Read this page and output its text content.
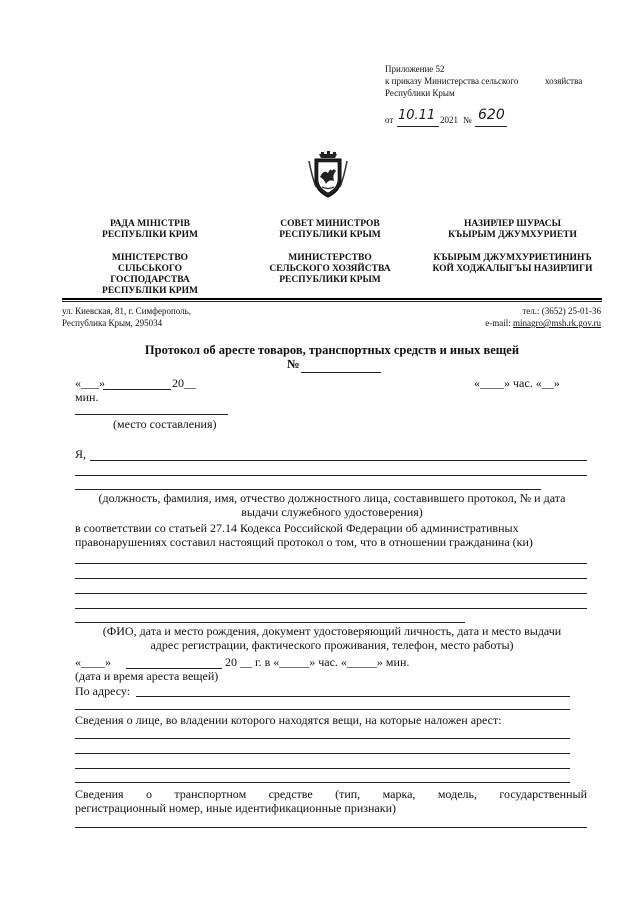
Приложение 52
к приказу Министерства сельского	хозяйства
Республики Крым
от 10.11 2021 № 620
РАДА МІНІСТРІВ
РЕСПУБЛІКИ КРИМ
СОВЕТ МИНИСТРОВ
РЕСПУБЛИКИ КРЫМ
НАЗИРЛЕР ШУРАСЫ
КЪЫРЫМ ДЖУМХУРИЕТИ
МІНІСТЕРСТВО
СІЛЬСЬКОГО
ГОСПОДАРСТВА
РЕСПУБЛІКИ КРИМ
МИНИСТЕРСТВО
СЕЛЬСКОГО ХОЗЯЙСТВА
РЕСПУБЛИКИ КРЫМ
КЪЫРЫМ ДЖУМХУРИЕТИНИНЪ
КОЙ ХОДЖАЛЫГЪЫ НАЗИРЛИГИ
ул. Киевская, 81, г. Симферополь,
Республика Крым, 295034
тел.: (3652) 25-01-36
e-mail: minagro@msh.rk.gov.ru
Протокол об аресте товаров, транспортных средств и иных вещей
№
«___»	20__	«____» час. «__»
мин.
(место составления)
Я,
(должность, фамилия, имя, отчество должностного лица, составившего протокол, № и дата
выдачи служебного удостоверения)
в соответствии со статьей 27.14 Кодекса Российской Федерации об административных
правонарушениях составил настоящий протокол о том, что в отношении гражданина (ки)
(ФИО, дата и место рождения, документ удостоверяющий личность, дата и место выдачи
адрес регистрации, фактического проживания, телефон, место работы)
«____»	20 __ г. в «_____» час. «_____» мин.
(дата и время ареста вещей)
По адресу:
Сведения о лице, во владении которого находятся вещи, на которые наложен арест:
Сведения о транспортном средстве (тип, марка, модель, государственный
регистрационный номер, иные идентификационные признаки)
